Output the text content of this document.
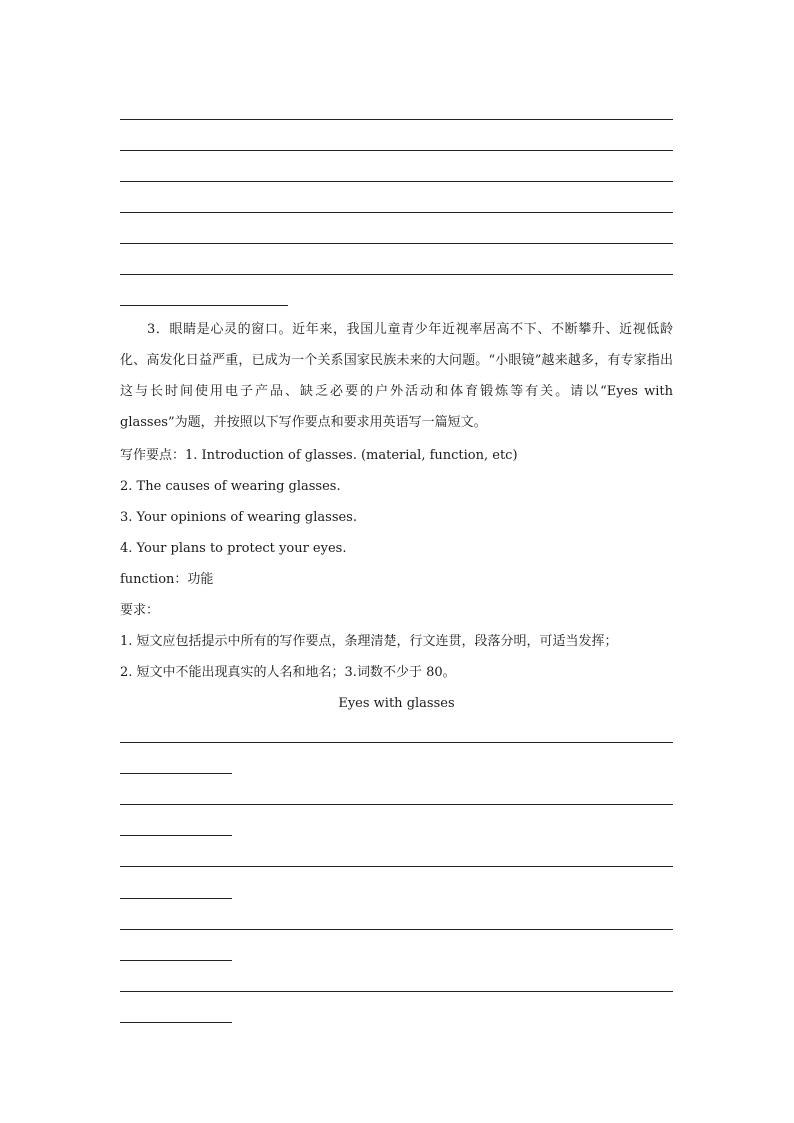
3．眼睛是心灵的窗口。近年来，我国儿童青少年近视率居高不下、不断攀升、近视低龄化、高发化日益严重，已成为一个关系国家民族未来的大问题。“小眼镜”越来越多，有专家指出这与长时间使用电子产品、缺乏必要的户外活动和体育锻炼等有关。请以“Eyes with glasses”为题，并按照以下写作要点和要求用英语写一篇短文。
写作要点：1. Introduction of glasses. (material, function, etc)
2. The causes of wearing glasses.
3. Your opinions of wearing glasses.
4. Your plans to protect your eyes.
function：功能
要求：
1. 短文应包括提示中所有的写作要点，条理清楚，行文连贯，段落分明，可适当发挥；
2. 短文中不能出现真实的人名和地名；3.词数不少于 80。
Eyes with glasses
